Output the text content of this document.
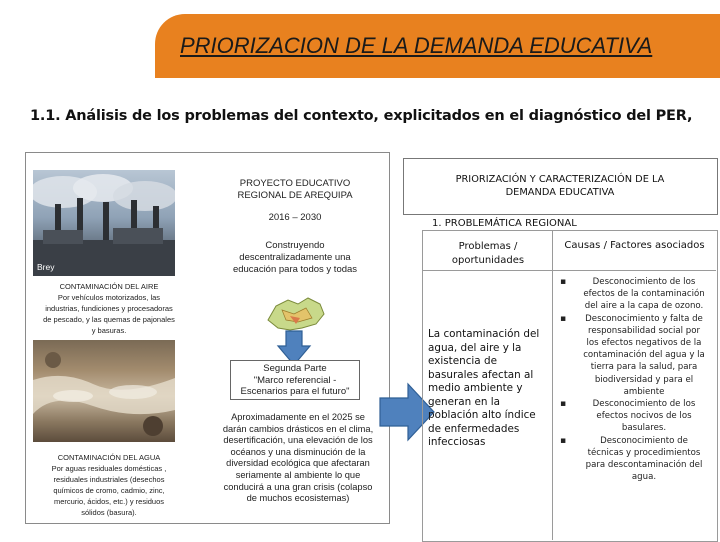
PRIORIZACION DE LA DEMANDA EDUCATIVA
1.1. Análisis de los problemas del contexto, explicitados en el diagnóstico del PER,
Brey
CONTAMINACIÓN DEL AIRE
Por vehículos motorizados, las
industrias, fundiciones y procesadoras
de pescado, y las quemas de pajonales
y basuras.
CONTAMINACIÓN DEL AGUA
Por aguas residuales domésticas ,
residuales industriales (desechos
químicos de cromo, cadmio, zinc,
mercurio, ácidos, etc.) y residuos
sólidos (basura).
PROYECTO EDUCATIVO
REGIONAL DE AREQUIPA
2016 – 2030
Construyendo
descentralizadamente una
educación para todos y todas
Segunda Parte
"Marco referencial -
Escenarios para el futuro"
Aproximadamente en el 2025 se
darán cambios drásticos en el clima,
desertificación, una elevación de los
océanos y una disminución de la
diversidad ecológica que afectaran
seriamente al ambiente lo que
conducirá a una gran crisis (colapso
de muchos ecosistemas)
PRIORIZACIÓN Y CARACTERIZACIÓN DE LA
DEMANDA EDUCATIVA
1. PROBLEMÁTICA REGIONAL
Problemas /
oportunidades
Causas / Factores asociados
La contaminación del
agua, del aire y la
existencia de
basurales afectan al
medio ambiente y
generan en la
población alto índice
de enfermedades
infecciosas
▪ Desconocimiento de los
efectos de la contaminación
del aire a la capa de ozono.
▪ Desconocimiento y falta de
responsabilidad social por
los efectos negativos de la
contaminación del agua y la
tierra para la salud, para
biodiversidad y para el
ambiente
▪ Desconocimiento de los
efectos nocivos de los
basulares.
▪ Desconocimiento de
técnicas y procedimientos
para descontaminación del
agua.
